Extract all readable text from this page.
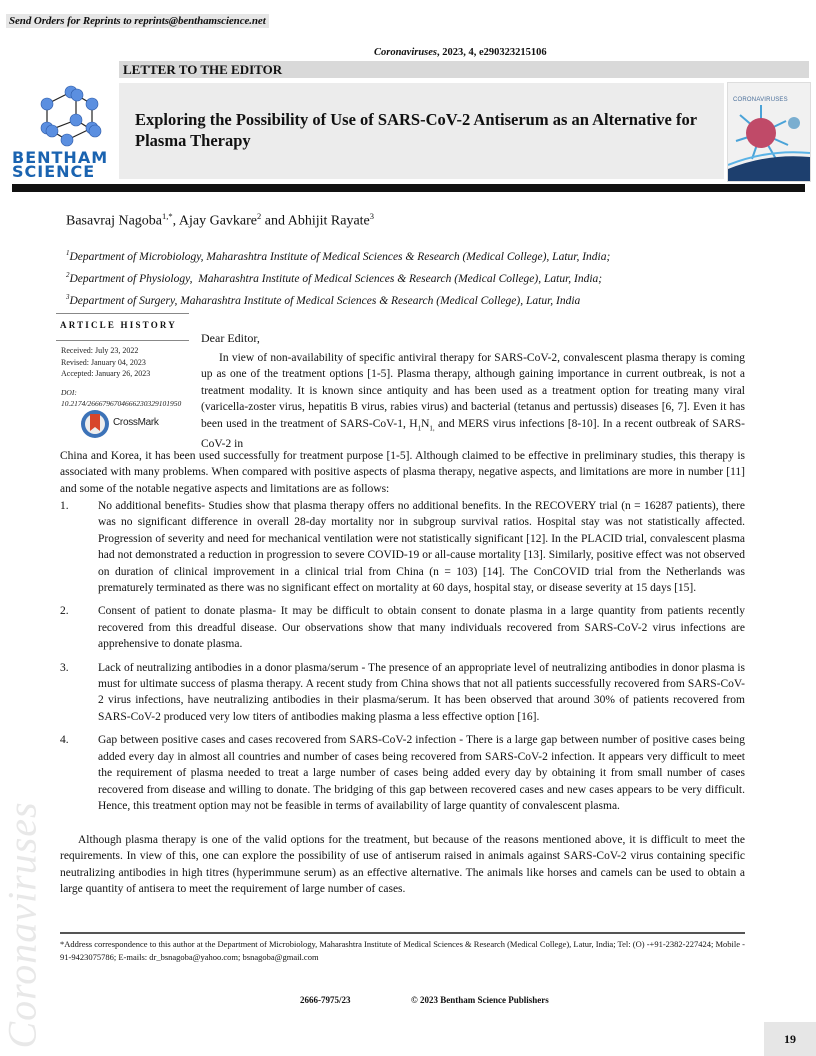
Send Orders for Reprints to reprints@benthamscience.net
Coronaviruses, 2023, 4, e290323215106
LETTER TO THE EDITOR
BENTHAM
SCIENCE
Exploring the Possibility of Use of SARS-CoV-2 Antiserum as an Alternative for Plasma Therapy
CORONAVIRUSES
Basavraj Nagoba$^{1,*}$, Ajay Gavkare$^2$ and Abhijit Rayate$^3$
$^1$Department of Microbiology, Maharashtra Institute of Medical Sciences & Research (Medical College), Latur, India;
$^2$Department of Physiology,  Maharashtra Institute of Medical Sciences & Research (Medical College), Latur, India;
$^3$Department of Surgery, Maharashtra Institute of Medical Sciences & Research (Medical College), Latur, India
ARTICLE HISTORY
Received: July 23, 2022
Revised: January 04, 2023
Accepted: January 26, 2023
DOI:
10.2174/26667967046662303291019​50
CrossMark
Dear Editor,
In view of non-availability of specific antiviral therapy for SARS-CoV-2, convalescent plasma therapy is coming up as one of the treatment options [1-5]. Plasma therapy, although gaining importance in current outbreak, is not a treatment modality. It is known since antiquity and has been used as a treatment option for treating many viral (varicella-zoster virus, hepatitis B virus, rabies virus) and bacterial (tetanus and pertussis) diseases [6, 7]. Even it has been used in the treatment of SARS-CoV-1, $H_1N_{1,}$ and MERS virus infections [8-10]. In a recent outbreak of SARS-CoV-2 in
China and Korea, it has been used successfully for treatment purpose [1-5]. Although claimed to be effective in preliminary studies, this therapy is associated with many problems. When compared with positive aspects of plasma therapy, negative aspects, and limitations are more in number [11] and some of the notable negative aspects and limitations are as follows:
1.	No additional benefits- Studies show that plasma therapy offers no additional benefits. In the RECOVERY trial (n = 16287 patients), there was no significant difference in overall 28-day mortality nor in subgroup survival ratios. Hospital stay was not statistically affected. Progression of severity and need for mechanical ventilation were not statistically significant [12]. In the PLACID trial, convalescent plasma had not demonstrated a reduction in progression to severe COVID-19 or all-cause mortality [13]. Similarly, positive effect was not observed on duration of clinical improvement in a clinical trial from China (n = 103) [14]. The ConCOVID trial from the Netherlands was prematurely terminated as there was no significant effect on mortality at 60 days, hospital stay, or disease severity at 15 days [15].
2.	Consent of patient to donate plasma- It may be difficult to obtain consent to donate plasma in a large quantity from patients recently recovered from this dreadful disease. Our observations show that many individuals recovered from SARS-CoV-2 virus infections are apprehensive to donate plasma.
3.	Lack of neutralizing antibodies in a donor plasma/serum - The presence of an appropriate level of neutralizing antibodies in donor plasma is must for ultimate success of plasma therapy. A recent study from China shows that not all patients successfully recovered from SARS-CoV-2 virus infections, have neutralizing antibodies in their plasma/serum. It has been observed that around 30% of patients recovered from SARS-CoV-2 produced very low titers of antibodies making plasma a less effective option [16].
4.	Gap between positive cases and cases recovered from SARS-CoV-2 infection - There is a large gap between number of positive cases being added every day in almost all countries and number of cases being recovered from SARS-CoV-2 infection. It appears very difficult to meet the requirement of plasma needed to treat a large number of cases being added every day by obtaining it from small number of cases recovered from disease and willing to donate. The bridging of this gap between recovered cases and new cases appears to be very difficult. Hence, this treatment option may not be feasible in terms of availability of large quantity of convalescent plasma.
Although plasma therapy is one of the valid options for the treatment, but because of the reasons mentioned above, it is difficult to meet the requirements. In view of this, one can explore the possibility of use of antiserum raised in animals against SARS-CoV-2 virus containing specific neutralizing antibodies in high titres (hyperimmune serum) as an effective alternative. The animals like horses and camels can be used to obtain a large quantity of antisera to meet the requirement of large number of cases.
*Address correspondence to this author at the Department of Microbiology, Maharashtra Institute of Medical Sciences & Research (Medical College), Latur, India; Tel: (O) -+91-2382-227424; Mobile - 91-9423075786; E-mails: dr_bsnagoba@yahoo.com; bsnagoba@gmail.com
2666-7975/23	© 2023 Bentham Science Publishers
19
Coronaviruses
